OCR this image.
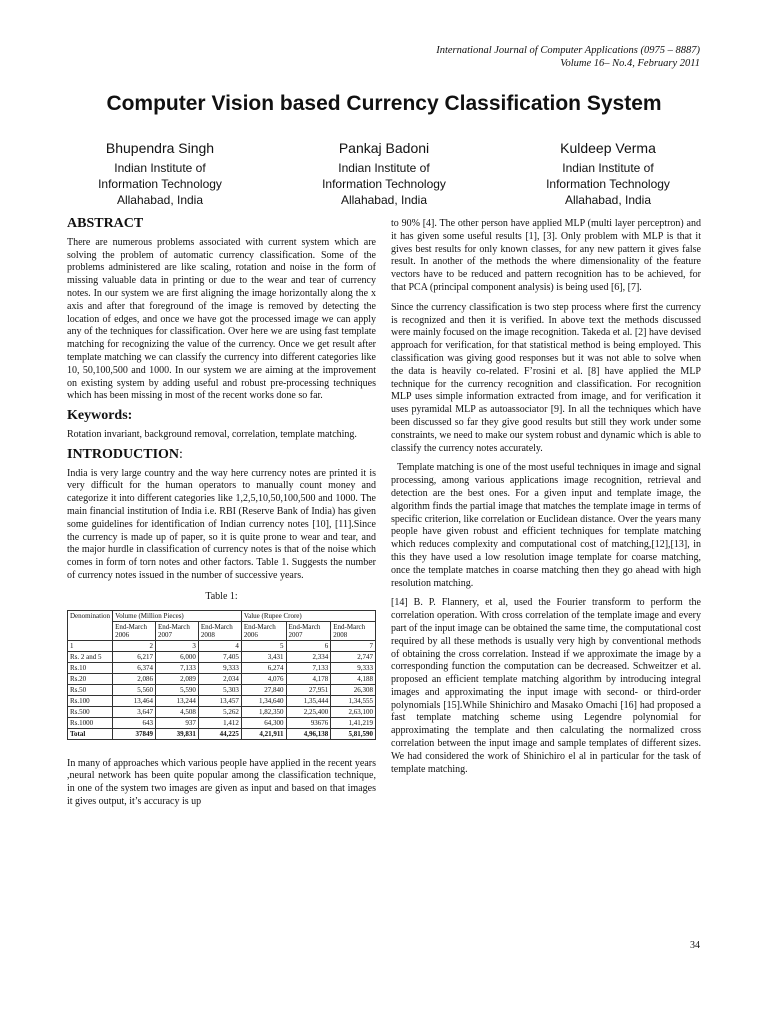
International Journal of Computer Applications (0975 – 8887)
Volume 16– No.4, February 2011
Computer Vision based Currency Classification System
Bhupendra Singh
Indian Institute of
Information Technology
Allahabad, India
Pankaj Badoni
Indian Institute of
Information Technology
Allahabad, India
Kuldeep Verma
Indian Institute of
Information Technology
Allahabad, India
ABSTRACT

There are numerous problems associated with current system which are solving the problem of automatic currency classification. Some of the problems administered are like scaling, rotation and noise in the form of missing valuable data in printing or due to the wear and tear of currency notes. In our system we are first aligning the image horizontally along the x axis and after that foreground of the image is removed by detecting the location of edges, and once we have got the processed image we can apply any of the techniques for classification. Over here we are using fast template matching for recognizing the value of the currency. Once we get result after template matching we can classify the currency into different categories like 10, 50,100,500 and 1000. In our system we are aiming at the improvement on existing system by adding useful and robust pre-processing techniques which has been missing in most of the recent works done so far.

Keywords:

Rotation invariant, background removal, correlation, template matching.

INTRODUCTION:

India is very large country and the way here currency notes are printed it is very difficult for the human operators to manually count money and categorize it into different categories like 1,2,5,10,50,100,500 and 1000. The main financial institution of India i.e. RBI (Reserve Bank of India) has given some guidelines for identification of Indian currency notes [10], [11].Since the currency is made up of paper, so it is quite prone to wear and tear, and the major hurdle in classification of currency notes is that of the noise which comes in form of torn notes and other factors. Table 1. Suggests the number of currency notes issued in the number of successive years.

Table 1:
Denomination	Volume (Million Pieces)			Value (Rupee Crore)		
	End-March 2006	End-March 2007	End-March 2008	End-March 2006	End-March 2007	End-March 2008
1	2	3	4	5	6	7
Rs. 2 and 5	6,217	6,000	7,405	3,431	2,334	2,747
Rs.10	6,374	7,133	9,333	6,274	7,133	9,333
Rs.20	2,086	2,089	2,034	4,076	4,178	4,188
Rs.50	5,560	5,590	5,303	27,840	27,951	26,308
Rs.100	13,464	13,244	13,457	1,34,640	1,35,444	1,34,555
Rs.500	3,647	4,508	5,262	1,82,350	2,25,400	2,63,100
Rs.1000	643	937	1,412	64,300	93676	1,41,219
Total	37849	39,831	44,225	4,21,911	4,96,138	5,81,590

In many of approaches which various people have applied in the recent years ,neural network has been quite popular among the classification technique, in one of the system two images are given as input and based on that images it gives output, it’s accuracy is up

to 90% [4]. The other person have applied MLP (multi layer perceptron) and it has given some useful results [1], [3]. Only problem with MLP is that it gives best results for only known classes, for any new pattern it gives false result. In another of the methods the where dimensionality of the feature vectors have to be reduced and pattern recognition has to be achieved, for that PCA (principal component analysis) is being used [6], [7].

Since the currency classification is two step process where first the currency is recognized and then it is verified. In above text the methods discussed were mainly focused on the image recognition. Takeda et al. [2] have devised approach for verification, for that statistical method is being employed. This classification was giving good responses but it was not able to solve when the data is heavily co-related. F’rosini et al. [8] have applied the MLP technique for the currency recognition and classification. For recognition MLP uses simple information extracted from image, and for verification it uses pyramidal MLP as autoassociator [9]. In all the techniques which have been discussed so far they give good results but still they work under some constraints, we need to make our system robust and dynamic which is able to classify the currency notes accurately.

Template matching is one of the most useful techniques in image and signal processing, among various applications image recognition, retrieval and detection are the best ones. For a given input and template image, the algorithm finds the partial image that matches the template image in terms of specific criterion, like correlation or Euclidean distance. Over the years many people have given robust and efficient techniques for template matching which reduces complexity and computational cost of matching,[12],[13], in this they have used a low resolution image template for coarse matching, once the template matches in coarse matching then they go ahead with high resolution matching.

[14] B. P. Flannery, et al, used the Fourier transform to perform the correlation operation. With cross correlation of the template image and every part of the input image can be obtained the same time, the computational cost required by all these methods is usually very high by conventional methods of obtaining the cross correlation. Instead if we approximate the image by a corresponding function the computation can be decreased. Schweitzer et al. proposed an efficient template matching algorithm by introducing integral images and approximating the input image with second- or third-order polynomials [15].While Shinichiro and Masako Omachi [16] had proposed a fast template matching scheme using Legendre polynomial for approximating the template and then calculating the normalized cross correlation between the input image and sample templates of different sizes. We had considered the work of Shinichiro el al in particular for the task of template matching.

34
